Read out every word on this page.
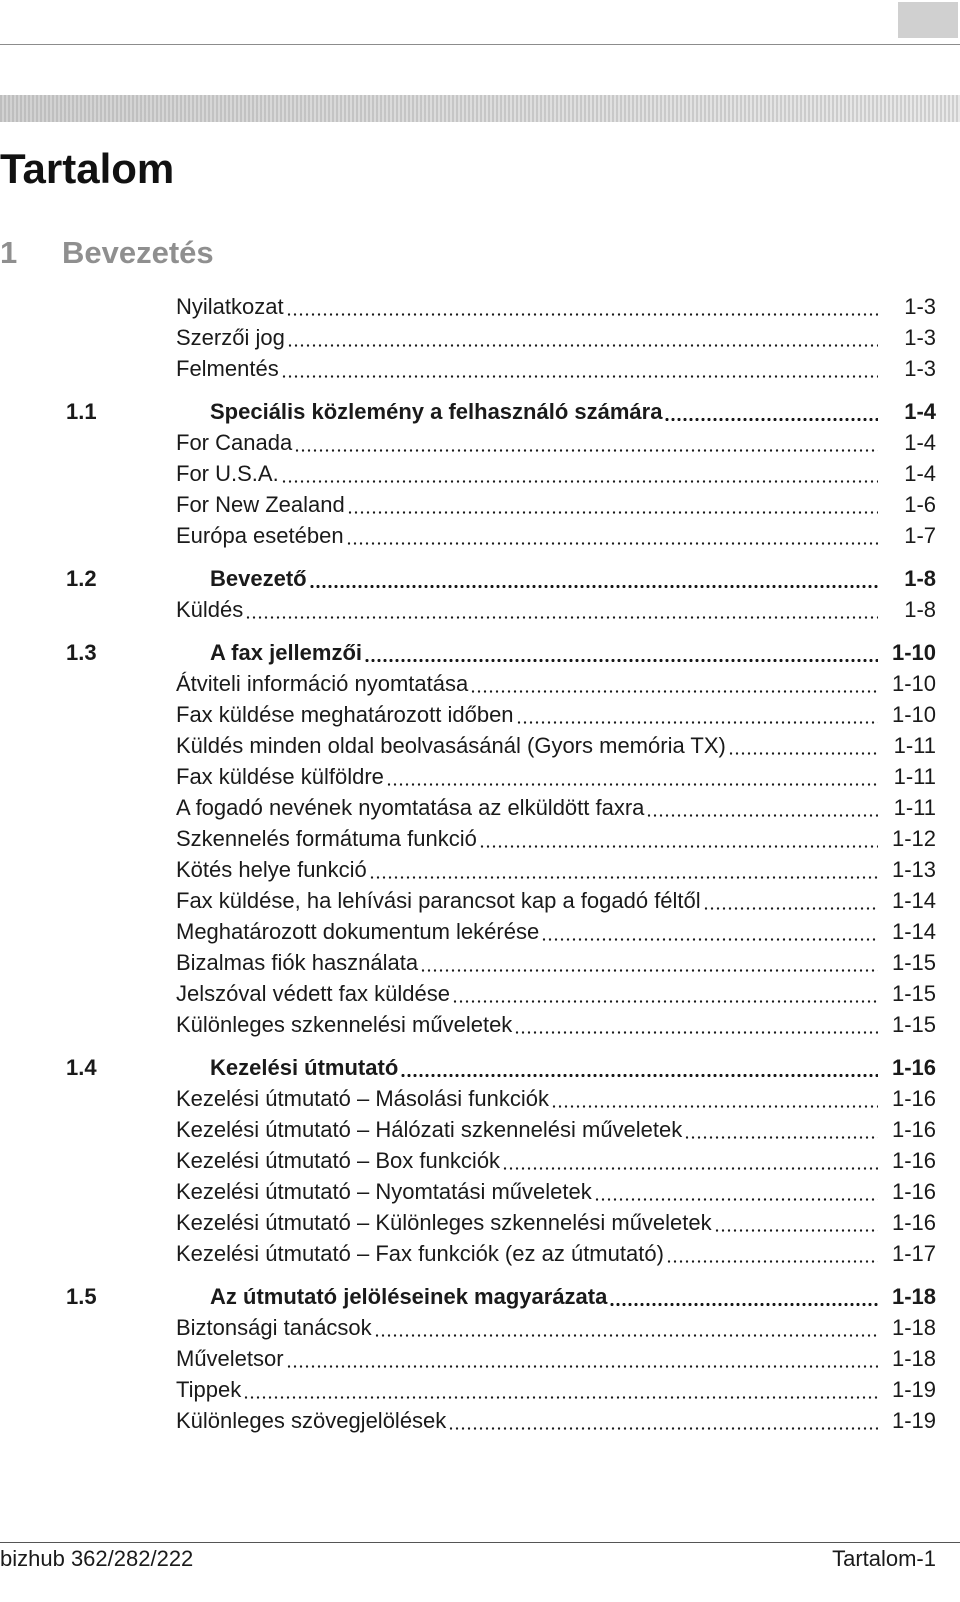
Tartalom
1 Bevezetés
Nyilatkozat	1-3
Szerzői jog	1-3
Felmentés	1-3
1.1	Speciális közlemény a felhasználó számára	1-4
For Canada	1-4
For U.S.A.	1-4
For New Zealand	1-6
Európa esetében	1-7
1.2	Bevezető	1-8
Küldés	1-8
1.3	A fax jellemzői	1-10
Átviteli információ nyomtatása	1-10
Fax küldése meghatározott időben	1-10
Küldés minden oldal beolvasásánál (Gyors memória TX)	1-11
Fax küldése külföldre	1-11
A fogadó nevének nyomtatása az elküldött faxra	1-11
Szkennelés formátuma funkció	1-12
Kötés helye funkció	1-13
Fax küldése, ha lehívási parancsot kap a fogadó féltől	1-14
Meghatározott dokumentum lekérése	1-14
Bizalmas fiók használata	1-15
Jelszóval védett fax küldése	1-15
Különleges szkennelési műveletek	1-15
1.4	Kezelési útmutató	1-16
Kezelési útmutató – Másolási funkciók	1-16
Kezelési útmutató – Hálózati szkennelési műveletek	1-16
Kezelési útmutató – Box funkciók	1-16
Kezelési útmutató – Nyomtatási műveletek	1-16
Kezelési útmutató – Különleges szkennelési műveletek	1-16
Kezelési útmutató – Fax funkciók (ez az útmutató)	1-17
1.5	Az útmutató jelöléseinek magyarázata	1-18
Biztonsági tanácsok	1-18
Műveletsor	1-18
Tippek	1-19
Különleges szövegjelölések	1-19
bizhub 362/282/222	Tartalom-1
